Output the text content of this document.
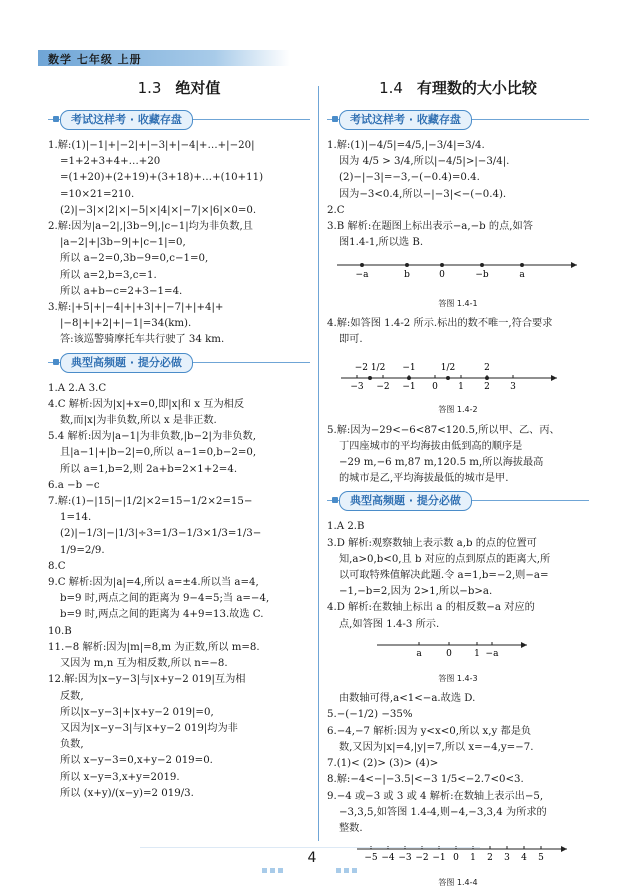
数学 七年级 上册
1.3 绝对值
考试这样考 · 收藏存盘

1.解:(1)|−1|+|−2|+|−3|+|−4|+…+|−20|

=1+2+3+4+…+20

=(1+20)+(2+19)+(3+18)+…+(10+11)

=10×21=210.

(2)|−3|×|2|×|−5|×|4|×|−7|×|6|×0=0.

2.解:因为|a−2|,|3b−9|,|c−1|均为非负数,且

|a−2|+|3b−9|+|c−1|=0,

所以 a−2=0,3b−9=0,c−1=0,

所以 a=2,b=3,c=1.

所以 a+b−c=2+3−1=4.

3.解:|+5|+|−4|+|+3|+|−7|+|+4|+

|−8|+|+2|+|−1|=34(km).

答:该巡警骑摩托车共行驶了 34 km.

典型高频题 · 提分必做

1.A 2.A 3.C

4.C 解析:因为|x|+x=0,即|x|和 x 互为相反

数,而|x|为非负数,所以 x 是非正数.

5.4 解析:因为|a−1|为非负数,|b−2|为非负数,

且|a−1|+|b−2|=0,所以 a−1=0,b−2=0,

所以 a=1,b=2,则 2a+b=2×1+2=4.

6.a −b −c

7.解:(1)−|15|−|1/2|×2=15−1/2×2=15−

1=14.

(2)|−1/3|−|1/3|÷3=1/3−1/3×1/3=1/3−

1/9=2/9.

8.C

9.C 解析:因为|a|=4,所以 a=±4.所以当 a=4,

b=9 时,两点之间的距离为 9−4=5;当 a=−4,

b=9 时,两点之间的距离为 4+9=13.故选 C.

10.B

11.−8 解析:因为|m|=8,m 为正数,所以 m=8.

又因为 m,n 互为相反数,所以 n=−8.

12.解:因为|x−y−3|与|x+y−2 019|互为相

反数,

所以|x−y−3|+|x+y−2 019|=0,

又因为|x−y−3|与|x+y−2 019|均为非

负数,

所以 x−y−3=0,x+y−2 019=0.

所以 x−y=3,x+y=2019.

所以 (x+y)/(x−y)=2 019/3.

1.4 有理数的大小比较
考试这样考 · 收藏存盘

1.解:(1)|−4/5|=4/5,|−3/4|=3/4.

因为 4/5 > 3/4,所以|−4/5|>|−3/4|.

(2)−|−3|=−3,−(−0.4)=0.4.

因为−3<0.4,所以−|−3|<−(−0.4).

2.C

3.B 解析:在题图上标出表示−a,−b 的点,如答

图1.4-1,所以选 B.

−a	b	0	−b	a
答图 1.4-1

4.解:如答图 1.4-2 所示.标出的数不唯一,符合要求

即可.

−3 −2 −1 0 1 2 3
−2 1/2 −1	1/2	2
答图 1.4-2

5.解:因为−29<−6<87<120.5,所以甲、乙、丙、

丁四座城市的平均海拔由低到高的顺序是

−29 m,−6 m,87 m,120.5 m,所以海拔最高

的城市是乙,平均海拔最低的城市是甲.

典型高频题 · 提分必做

1.A 2.B

3.D 解析:观察数轴上表示数 a,b 的点的位置可

知,a>0,b<0,且 b 对应的点到原点的距离大,所

以可取特殊值解决此题.令 a=1,b=−2,则−a=

−1,−b=2,因为 2>1,所以−b>a.

4.D 解析:在数轴上标出 a 的相反数−a 对应的

点,如答图 1.4-3 所示.

a	0 1 −a
答图 1.4-3

由数轴可得,a<1<−a.故选 D.

5.−(−1/2) −35%

6.−4,−7 解析:因为 y<x<0,所以 x,y 都是负

数,又因为|x|=4,|y|=7,所以 x=−4,y=−7.

7.(1)< (2)> (3)> (4)>

8.解:−4<−|−3.5|<−3 1/5<−2.7<0<3.

9.−4 或−3 或 3 或 4 解析:在数轴上表示出−5,

−3,3,5,如答图 1.4-4,则−4,−3,3,4 为所求的

整数.

−5 −4 −3 −2 −1 0 1 2 3 4 5
答图 1.4-4
4
